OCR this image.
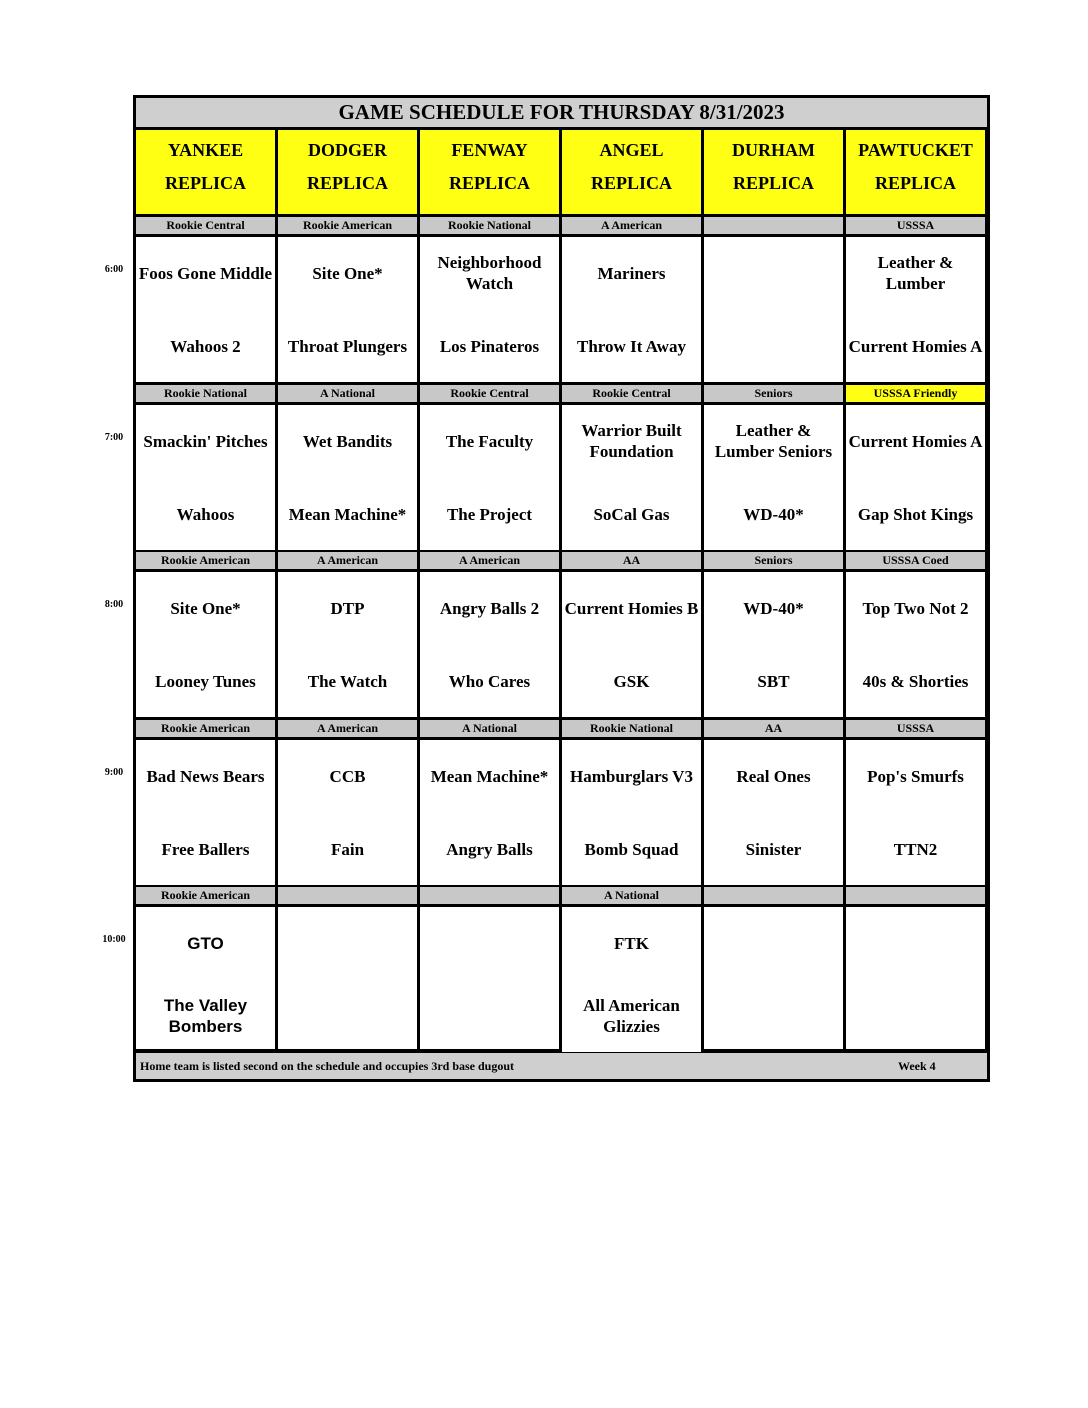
GAME SCHEDULE FOR THURSDAY 8/31/2023
YANKEE
REPLICA
DODGER
REPLICA
FENWAY
REPLICA
ANGEL
REPLICA
DURHAM
REPLICA
PAWTUCKET
REPLICA
Rookie Central
Foos Gone Middle
Wahoos 2
Rookie American
Site One*
Throat Plungers
Rookie National
Neighborhood Watch
Los Pinateros
A American
Mariners
Throw It Away
USSSA
Leather & Lumber
Current Homies A
Rookie National
Smackin' Pitches
Wahoos
A National
Wet Bandits
Mean Machine*
Rookie Central
The Faculty
The Project
Rookie Central
Warrior Built Foundation
SoCal Gas
Seniors
Leather & Lumber Seniors
WD-40*
USSSA Friendly
Current Homies A
Gap Shot Kings
Rookie American
Site One*
Looney Tunes
A American
DTP
The Watch
A American
Angry Balls 2
Who Cares
AA
Current Homies B
GSK
Seniors
WD-40*
SBT
USSSA Coed
Top Two Not 2
40s & Shorties
Rookie American
Bad News Bears
Free Ballers
A American
CCB
Fain
A National
Mean Machine*
Angry Balls
Rookie National
Hamburglars V3
Bomb Squad
AA
Real Ones
Sinister
USSSA
Pop's Smurfs
TTN2
Rookie American
GTO
The Valley Bombers
A National
FTK
All American Glizzies
Home team is listed second on the schedule and occupies 3rd base dugout	Week 4
6:00
7:00
8:00
9:00
10:00
